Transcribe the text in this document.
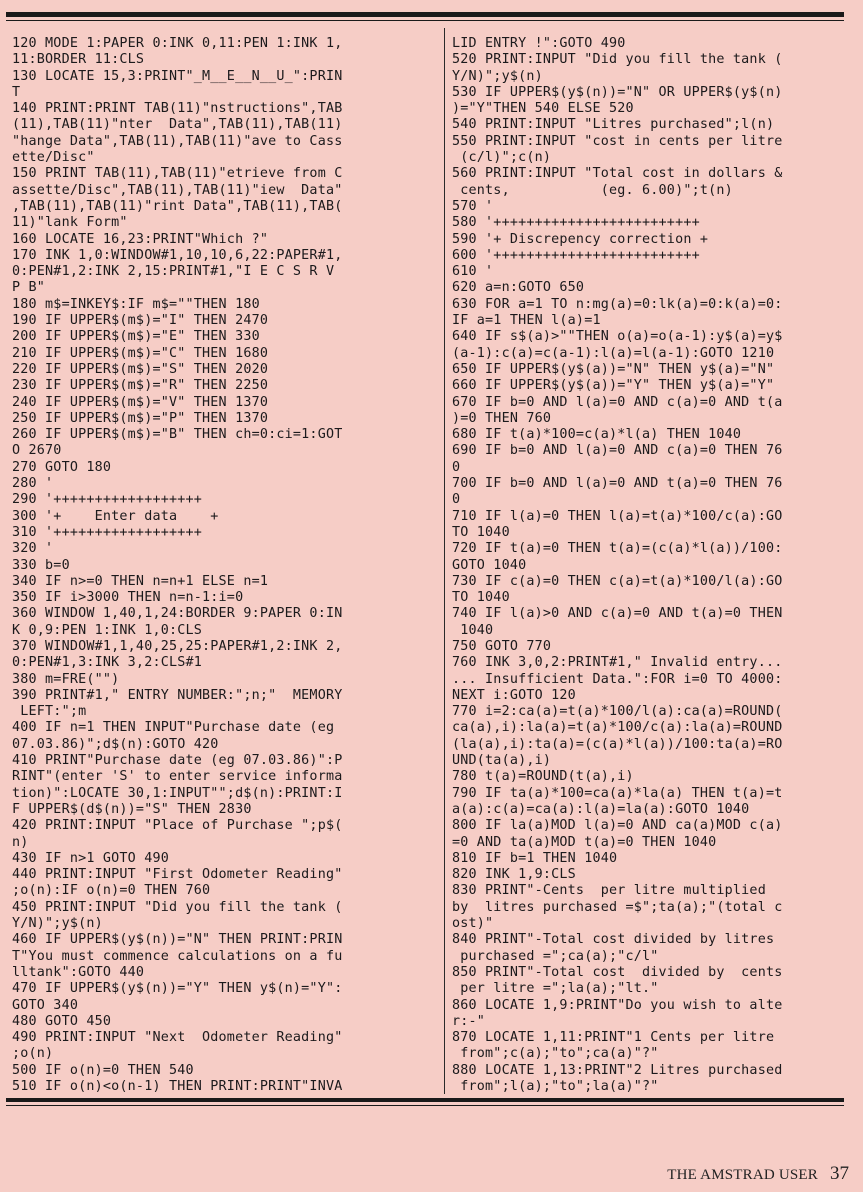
120 MODE 1:PAPER 0:INK 0,11:PEN 1:INK 1,
11:BORDER 11:CLS
130 LOCATE 15,3:PRINT"_M__E__N__U_":PRIN
T
140 PRINT:PRINT TAB(11)"nstructions",TAB
(11),TAB(11)"nter  Data",TAB(11),TAB(11)
"hange Data",TAB(11),TAB(11)"ave to Cass
ette/Disc"
150 PRINT TAB(11),TAB(11)"etrieve from C
assette/Disc",TAB(11),TAB(11)"iew  Data"
,TAB(11),TAB(11)"rint Data",TAB(11),TAB(
11)"lank Form"
160 LOCATE 16,23:PRINT"Which ?"
170 INK 1,0:WINDOW#1,10,10,6,22:PAPER#1,
0:PEN#1,2:INK 2,15:PRINT#1,"I E C S R V
P B"
180 m$=INKEY$:IF m$=""THEN 180
190 IF UPPER$(m$)="I" THEN 2470
200 IF UPPER$(m$)="E" THEN 330
210 IF UPPER$(m$)="C" THEN 1680
220 IF UPPER$(m$)="S" THEN 2020
230 IF UPPER$(m$)="R" THEN 2250
240 IF UPPER$(m$)="V" THEN 1370
250 IF UPPER$(m$)="P" THEN 1370
260 IF UPPER$(m$)="B" THEN ch=0:ci=1:GOT
O 2670
270 GOTO 180
280 '
290 '++++++++++++++++++
300 '+    Enter data    +
310 '++++++++++++++++++
320 '
330 b=0
340 IF n>=0 THEN n=n+1 ELSE n=1
350 IF i>3000 THEN n=n-1:i=0
360 WINDOW 1,40,1,24:BORDER 9:PAPER 0:IN
K 0,9:PEN 1:INK 1,0:CLS
370 WINDOW#1,1,40,25,25:PAPER#1,2:INK 2,
0:PEN#1,3:INK 3,2:CLS#1
380 m=FRE("")
390 PRINT#1," ENTRY NUMBER:";n;"  MEMORY
LEFT:";m
400 IF n=1 THEN INPUT"Purchase date (eg
07.03.86)";d$(n):GOTO 420
410 PRINT"Purchase date (eg 07.03.86)":P
RINT"(enter 'S' to enter service informa
tion)":LOCATE 30,1:INPUT"";d$(n):PRINT:I
F UPPER$(d$(n))="S" THEN 2830
420 PRINT:INPUT "Place of Purchase ";p$(
n)
430 IF n>1 GOTO 490
440 PRINT:INPUT "First Odometer Reading"
;o(n):IF o(n)=0 THEN 760
450 PRINT:INPUT "Did you fill the tank (
Y/N)";y$(n)
460 IF UPPER$(y$(n))="N" THEN PRINT:PRIN
T"You must commence calculations on a fu
lltank":GOTO 440
470 IF UPPER$(y$(n))="Y" THEN y$(n)="Y":
GOTO 340
480 GOTO 450
490 PRINT:INPUT "Next  Odometer Reading"
;o(n)
500 IF o(n)=0 THEN 540
510 IF o(n)<o(n-1) THEN PRINT:PRINT"INVA
LID ENTRY !":GOTO 490
520 PRINT:INPUT "Did you fill the tank (
Y/N)";y$(n)
530 IF UPPER$(y$(n))="N" OR UPPER$(y$(n)
)="Y"THEN 540 ELSE 520
540 PRINT:INPUT "Litres purchased";l(n)
550 PRINT:INPUT "cost in cents per litre
(c/l)";c(n)
560 PRINT:INPUT "Total cost in dollars &
cents,           (eg. 6.00)";t(n)
570 '
580 '+++++++++++++++++++++++++
590 '+ Discrepency correction +
600 '+++++++++++++++++++++++++
610 '
620 a=n:GOTO 650
630 FOR a=1 TO n:mg(a)=0:lk(a)=0:k(a)=0:
IF a=1 THEN l(a)=1
640 IF s$(a)>""THEN o(a)=o(a-1):y$(a)=y$
(a-1):c(a)=c(a-1):l(a)=l(a-1):GOTO 1210
650 IF UPPER$(y$(a))="N" THEN y$(a)="N"
660 IF UPPER$(y$(a))="Y" THEN y$(a)="Y"
670 IF b=0 AND l(a)=0 AND c(a)=0 AND t(a
)=0 THEN 760
680 IF t(a)*100=c(a)*l(a) THEN 1040
690 IF b=0 AND l(a)=0 AND c(a)=0 THEN 76
0
700 IF b=0 AND l(a)=0 AND t(a)=0 THEN 76
0
710 IF l(a)=0 THEN l(a)=t(a)*100/c(a):GO
TO 1040
720 IF t(a)=0 THEN t(a)=(c(a)*l(a))/100:
GOTO 1040
730 IF c(a)=0 THEN c(a)=t(a)*100/l(a):GO
TO 1040
740 IF l(a)>0 AND c(a)=0 AND t(a)=0 THEN
1040
750 GOTO 770
760 INK 3,0,2:PRINT#1," Invalid entry...
... Insufficient Data.":FOR i=0 TO 4000:
NEXT i:GOTO 120
770 i=2:ca(a)=t(a)*100/l(a):ca(a)=ROUND(
ca(a),i):la(a)=t(a)*100/c(a):la(a)=ROUND
(la(a),i):ta(a)=(c(a)*l(a))/100:ta(a)=RO
UND(ta(a),i)
780 t(a)=ROUND(t(a),i)
790 IF ta(a)*100=ca(a)*la(a) THEN t(a)=t
a(a):c(a)=ca(a):l(a)=la(a):GOTO 1040
800 IF la(a)MOD l(a)=0 AND ca(a)MOD c(a)
=0 AND ta(a)MOD t(a)=0 THEN 1040
810 IF b=1 THEN 1040
820 INK 1,9:CLS
830 PRINT"-Cents  per litre multiplied
by  litres purchased =$";ta(a);"(total c
ost)"
840 PRINT"-Total cost divided by litres
purchased =";ca(a);"c/l"
850 PRINT"-Total cost  divided by  cents
per litre =";la(a);"lt."
860 LOCATE 1,9:PRINT"Do you wish to alte
r:-"
870 LOCATE 1,11:PRINT"1 Cents per litre
from";c(a);"to";ca(a)"?"
880 LOCATE 1,13:PRINT"2 Litres purchased
from";l(a);"to";la(a)"?"
THE AMSTRAD USER 37
